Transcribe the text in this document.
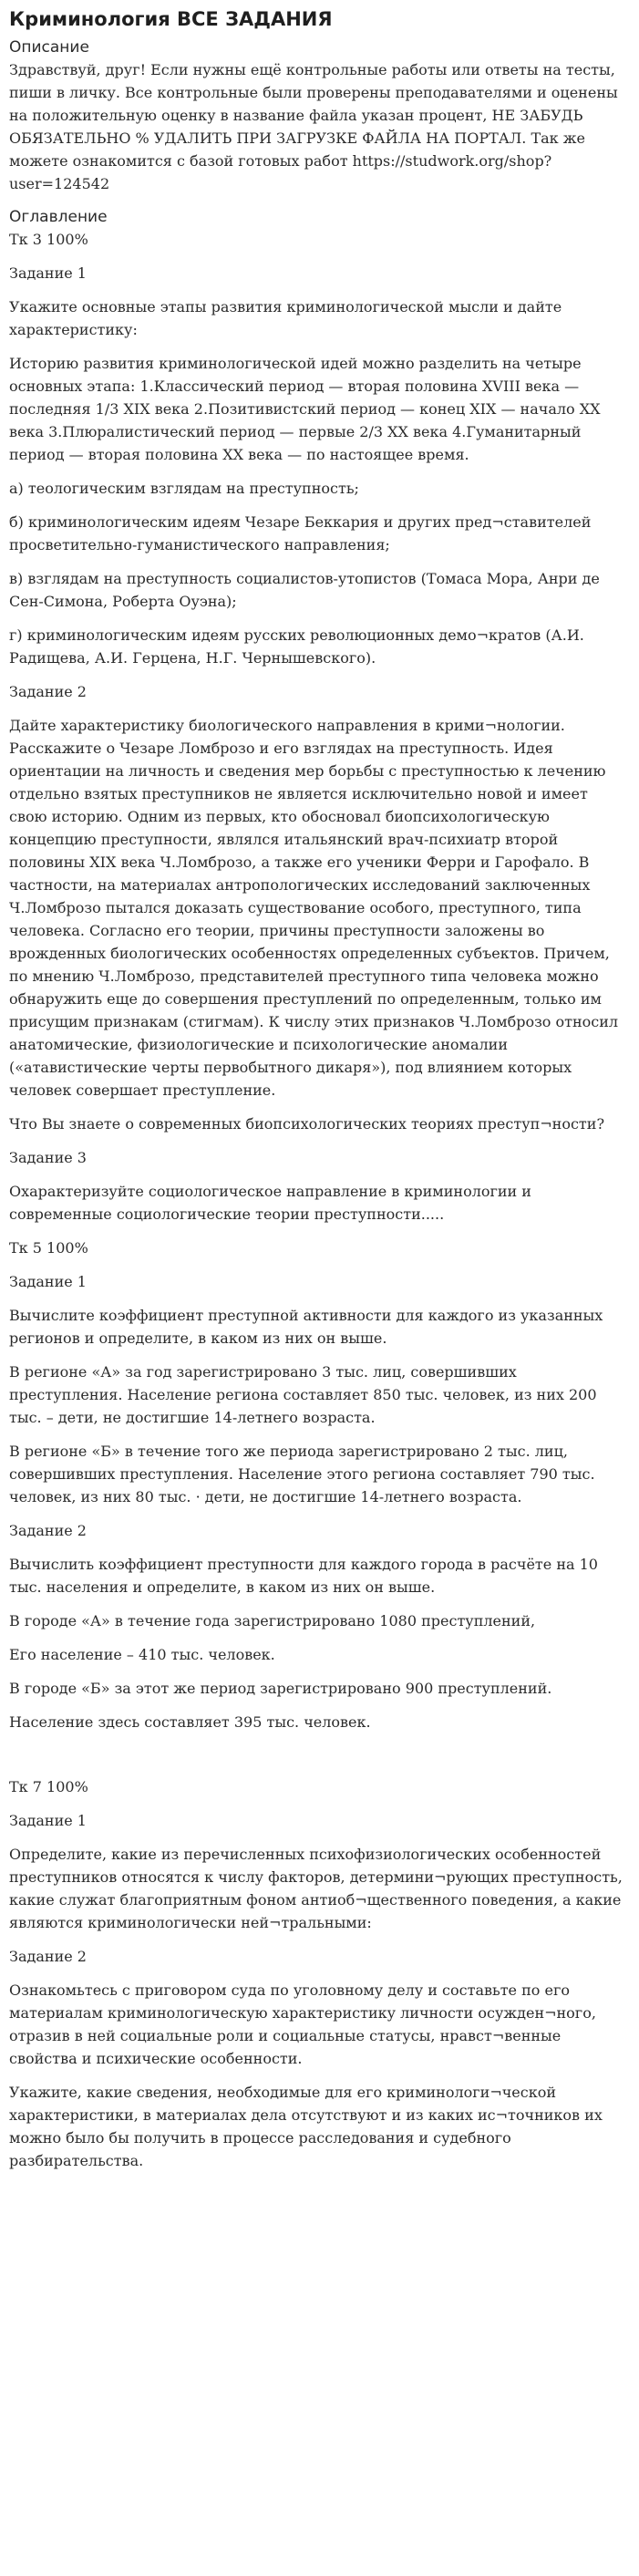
Криминология ВСЕ ЗАДАНИЯ
Описание
Здравствуй, друг! Если нужны ещё контрольные работы или ответы на тесты, пиши в личку. Все контрольные были проверены преподавателями и оценены на положительную оценку в название файла указан процент, НЕ ЗАБУДЬ ОБЯЗАТЕЛЬНО % УДАЛИТЬ ПРИ ЗАГРУЗКЕ ФАЙЛА НА ПОРТАЛ. Так же можете ознакомится с базой готовых работ https://studwork.org/shop?user=124542
Оглавление
Тк 3 100%
Задание 1
Укажите основные этапы развития криминологической мысли и дайте характеристику:
Историю развития криминологической идей можно разделить на четыре основных этапа: 1.Классический период — вторая половина XVIII века — последняя 1/3 XIX века 2.Позитивистский период — конец XIX — начало XX века 3.Плюралистический период — первые 2/3 XX века 4.Гуманитарный период — вторая половина XX века — по настоящее время.
а) теологическим взглядам на преступность;
б) криминологическим идеям Чезаре Беккария и других пред¬ставителей просветительно-гуманистического направления;
в) взглядам на преступность социалистов-утопистов (Томаса Мора, Анри де Сен-Симона, Роберта Оуэна);
г) криминологическим идеям русских революционных демо¬кратов (А.И. Радищева, А.И. Герцена, Н.Г. Чернышевского).
Задание 2
Дайте характеристику биологического направления в крими¬нологии. Расскажите о Чезаре Ломброзо и его взглядах на преступность. Идея ориентации на личность и сведения мер борьбы с преступностью к лечению отдельно взятых преступников не является исключительно новой и имеет свою историю. Одним из первых, кто обосновал биопсихологическую концепцию преступности, являлся итальянский врач-психиатр второй половины XIX века Ч.Ломброзо, а также его ученики Ферри и Гарофало. В частности, на материалах антропологических исследований заключенных Ч.Ломброзо пытался доказать существование особого, преступного, типа человека. Согласно его теории, причины преступности заложены во врожденных биологических особенностях определенных субъектов. Причем, по мнению Ч.Ломброзо, представителей преступного типа человека можно обнаружить еще до совершения преступлений по определенным, только им присущим признакам (стигмам). К числу этих признаков Ч.Ломброзо относил анатомические, физиологические и психологические аномалии («атавистические черты первобытного дикаря»), под влиянием которых человек совершает преступление.
Что Вы знаете о современных биопсихологических теориях преступ¬ности?
Задание 3
Охарактеризуйте социологическое направление в криминологии и современные социологические теории преступности.....
Тк 5 100%
Задание 1
Вычислите коэффициент преступной активности для каждого из указанных регионов и определите, в каком из них он выше.
В регионе «А» за год зарегистрировано 3 тыс. лиц, совершивших преступления. Население региона составляет 850 тыс. человек, из них 200 тыс. – дети, не достигшие 14-летнего возраста.
В регионе «Б» в течение того же периода зарегистрировано 2 тыс. лиц, совершивших преступления. Население этого региона составляет 790 тыс. человек, из них 80 тыс. · дети, не достигшие 14-летнего возраста.
Задание 2
Вычислить коэффициент преступности для каждого города в расчёте на 10 тыс. населения и определите, в каком из них он выше.
В городе «А» в течение года зарегистрировано 1080 преступлений,
Его население – 410 тыс. человек.
В городе «Б» за этот же период зарегистрировано 900 преступлений.
Население здесь составляет 395 тыс. человек.
Тк 7 100%
Задание 1
Определите, какие из перечисленных психофизиологических особенностей преступников относятся к числу факторов, детермини¬рующих преступность, какие служат благоприятным фоном антиоб¬щественного поведения, а какие являются криминологически ней¬тральными:
Задание 2
Ознакомьтесь с приговором суда по уголовному делу и составьте по его материалам криминологическую характеристику личности осужден¬ного, отразив в ней социальные роли и социальные статусы, нравст¬венные свойства и психические особенности.
Укажите, какие сведения, необходимые для его криминологи¬ческой характеристики, в материалах дела отсутствуют и из каких ис¬точников их можно было бы получить в процессе расследования и судебного разбирательства.
